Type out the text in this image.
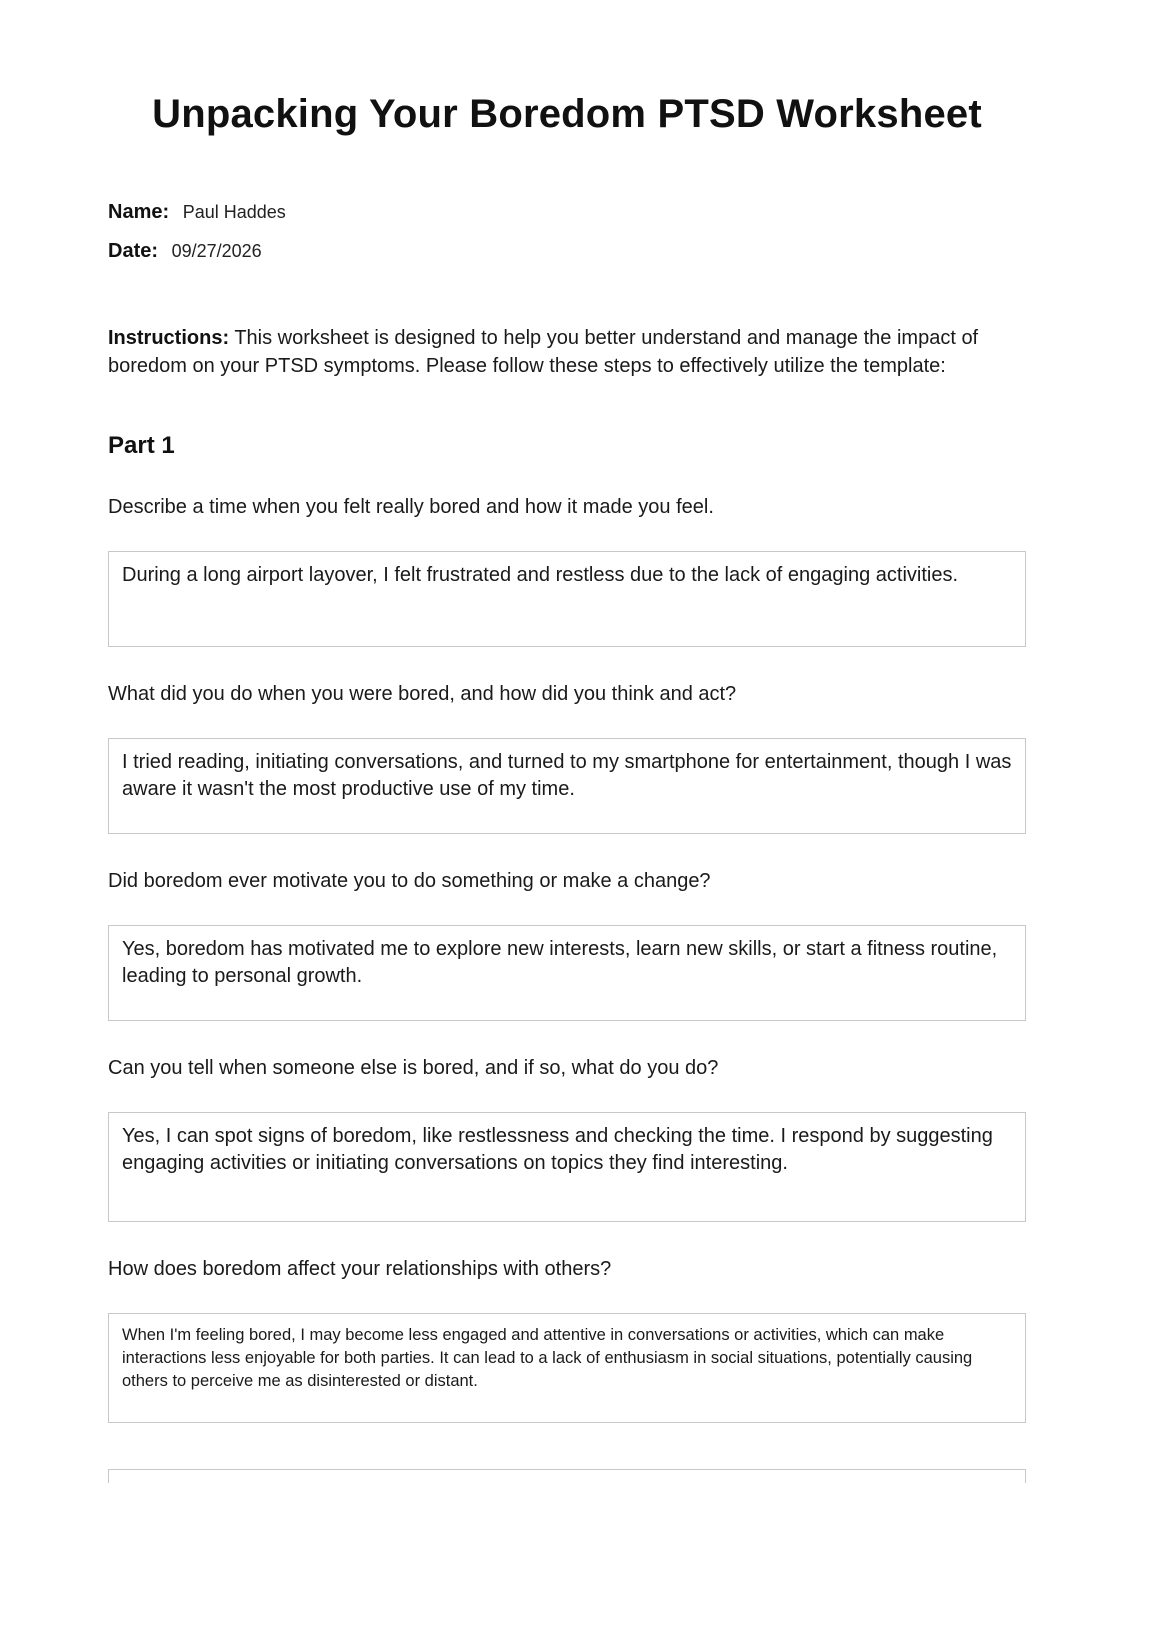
Unpacking Your Boredom PTSD Worksheet

Name: Paul Haddes

Date: 09/27/2026

Instructions: This worksheet is designed to help you better understand and manage the impact of boredom on your PTSD symptoms. Please follow these steps to effectively utilize the template:

Part 1

Describe a time when you felt really bored and how it made you feel.

During a long airport layover, I felt frustrated and restless due to the lack of engaging activities.

What did you do when you were bored, and how did you think and act?

I tried reading, initiating conversations, and turned to my smartphone for entertainment, though I was aware it wasn't the most productive use of my time.

Did boredom ever motivate you to do something or make a change?

Yes, boredom has motivated me to explore new interests, learn new skills, or start a fitness routine, leading to personal growth.

Can you tell when someone else is bored, and if so, what do you do?

Yes, I can spot signs of boredom, like restlessness and checking the time. I respond by suggesting engaging activities or initiating conversations on topics they find interesting.

How does boredom affect your relationships with others?

When I'm feeling bored, I may become less engaged and attentive in conversations or activities, which can make interactions less enjoyable for both parties. It can lead to a lack of enthusiasm in social situations, potentially causing others to perceive me as disinterested or distant.
